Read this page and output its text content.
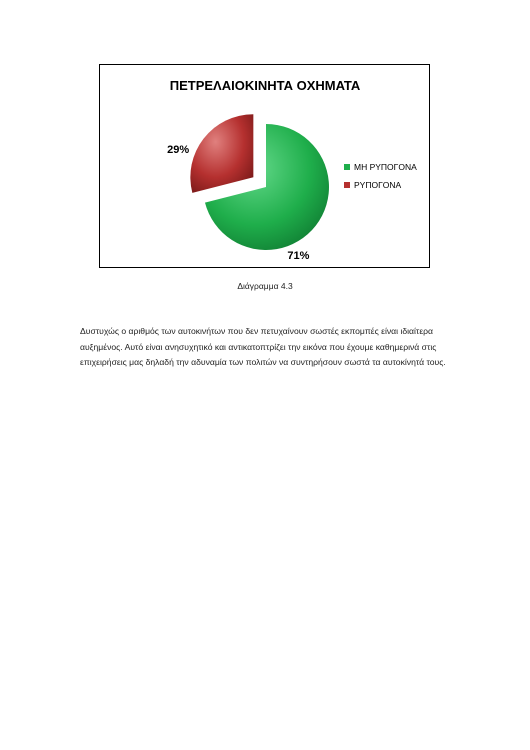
ΠΕΤΡΕΛΑΙΟΚΙΝΗΤΑ ΟΧΗΜΑΤΑ
71%
29%
ΜΗ ΡΥΠΟΓΟΝΑ
ΡΥΠΟΓΟΝΑ
Διάγραμμα 4.3

Δυστυχώς ο αριθμός των αυτοκινήτων που δεν πετυχαίνουν σωστές εκπομπές είναι ιδιαίτερα αυξημένος. Αυτό είναι ανησυχητικό και αντικατοπτρίζει την εικόνα που έχουμε καθημερινά στις επιχειρήσεις μας δηλαδή την αδυναμία των πολιτών να συντηρήσουν σωστά τα αυτοκίνητά τους.
